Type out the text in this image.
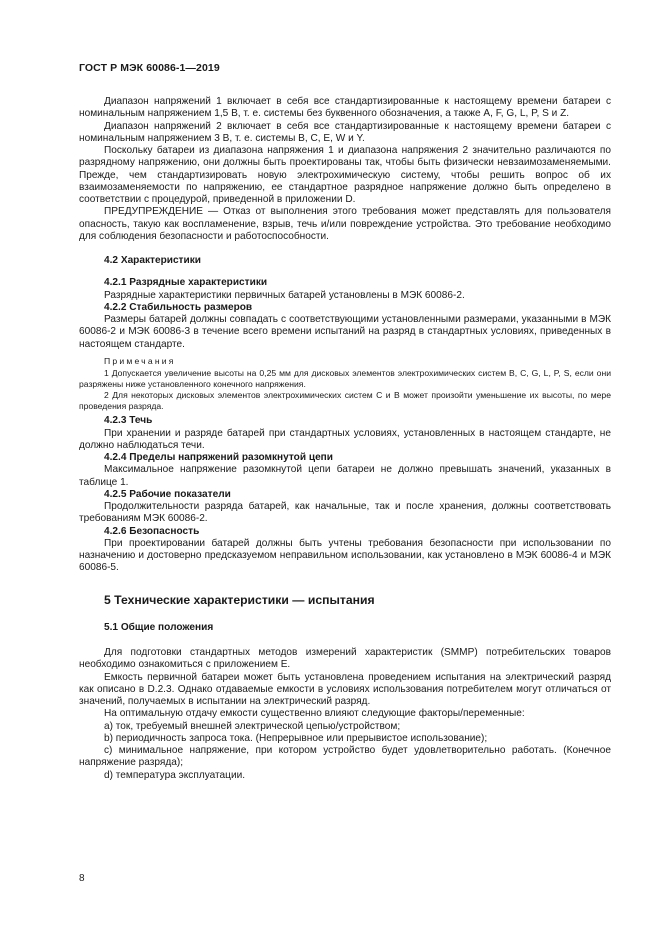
ГОСТ Р МЭК 60086-1—2019

Диапазон напряжений 1 включает в себя все стандартизированные к настоящему времени батареи с номинальным напряжением 1,5 В, т. е. системы без буквенного обозначения, а также А, F, G, L, P, S и Z.

Диапазон напряжений 2 включает в себя все стандартизированные к настоящему времени батареи с номинальным напряжением 3 В, т. е. системы В, С, Е, W и Y.

Поскольку батареи из диапазона напряжения 1 и диапазона напряжения 2 значительно различаются по разрядному напряжению, они должны быть проектированы так, чтобы быть физически невзаимозаменяемыми. Прежде, чем стандартизировать новую электрохимическую систему, чтобы решить вопрос об их взаимозаменяемости по напряжению, ее стандартное разрядное напряжение должно быть определено в соответствии с процедурой, приведенной в приложении D.

ПРЕДУПРЕЖДЕНИЕ — Отказ от выполнения этого требования может представлять для пользователя опасность, такую как воспламенение, взрыв, течь и/или повреждение устройства. Это требование необходимо для соблюдения безопасности и работоспособности.

4.2 Характеристики
4.2.1 Разрядные характеристики

Разрядные характеристики первичных батарей установлены в МЭК 60086-2.

4.2.2 Стабильность размеров

Размеры батарей должны совпадать с соответствующими установленными размерами, указанными в МЭК 60086-2 и МЭК 60086-3 в течение всего времени испытаний на разряд в стандартных условиях, приведенных в настоящем стандарте.

Примечания

1 Допускается увеличение высоты на 0,25 мм для дисковых элементов электрохимических систем В, С, G, L, P, S, если они разряжены ниже установленного конечного напряжения.

2 Для некоторых дисковых элементов электрохимических систем C и B может произойти уменьшение их высоты, по мере проведения разряда.

4.2.3 Течь

При хранении и разряде батарей при стандартных условиях, установленных в настоящем стандарте, не должно наблюдаться течи.

4.2.4 Пределы напряжений разомкнутой цепи

Максимальное напряжение разомкнутой цепи батареи не должно превышать значений, указанных в таблице 1.

4.2.5 Рабочие показатели

Продолжительности разряда батарей, как начальные, так и после хранения, должны соответствовать требованиям МЭК 60086-2.

4.2.6 Безопасность

При проектировании батарей должны быть учтены требования безопасности при использовании по назначению и достоверно предсказуемом неправильном использовании, как установлено в МЭК 60086-4 и МЭК 60086-5.

5 Технические характеристики — испытания
5.1 Общие положения

Для подготовки стандартных методов измерений характеристик (SMMP) потребительских товаров необходимо ознакомиться с приложением Е.

Емкость первичной батареи может быть установлена проведением испытания на электрический разряд как описано в D.2.3. Однако отдаваемые емкости в условиях использования потребителем могут отличаться от значений, получаемых в испытании на электрический разряд.

На оптимальную отдачу емкости существенно влияют следующие факторы/переменные:

a) ток, требуемый внешней электрической цепью/устройством;

b) периодичность запроса тока. (Непрерывное или прерывистое использование);

c) минимальное напряжение, при котором устройство будет удовлетворительно работать. (Конечное напряжение разряда);

d) температура эксплуатации.

8
